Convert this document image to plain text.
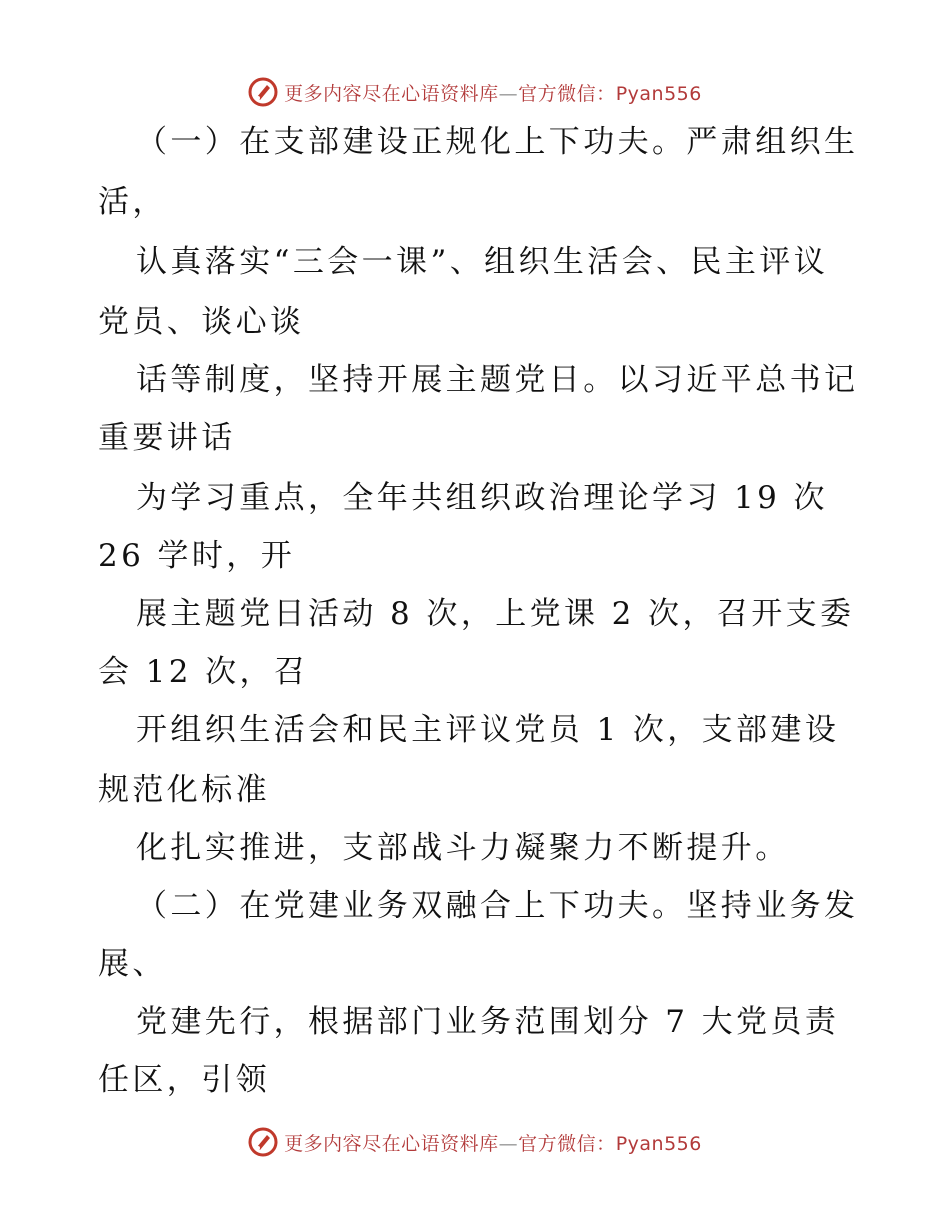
更多内容尽在心语资料库—官方微信：Pyan556
（一）在支部建设正规化上下功夫。严肃组织生
活，
认真落实“三会一课”、组织生活会、民主评议
党员、谈心谈
话等制度，坚持开展主题党日。以习近平总书记
重要讲话
为学习重点，全年共组织政治理论学习 19 次
26 学时，开
展主题党日活动 8 次，上党课 2 次，召开支委
会 12 次，召
开组织生活会和民主评议党员 1 次，支部建设
规范化标准
化扎实推进，支部战斗力凝聚力不断提升。
（二）在党建业务双融合上下功夫。坚持业务发
展、
党建先行，根据部门业务范围划分 7 大党员责
任区，引领
更多内容尽在心语资料库—官方微信：Pyan556
